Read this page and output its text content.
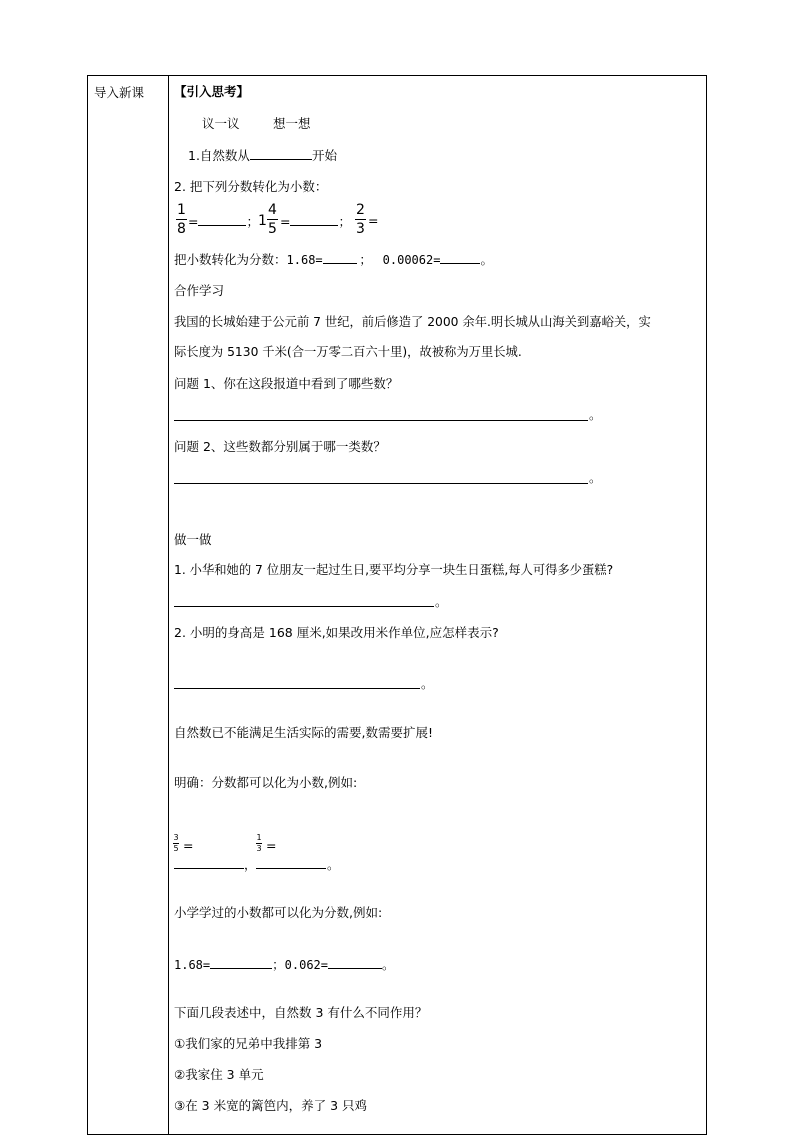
导入新课 【引入思考】
议一议	想一想
1.自然数从	开始
2. 把下列分数转化为小数：
1
8 =	； 1
4
5 =	；
2
3
=
把小数转化为分数：1.68=	； 0.00062=	。
合作学习
我国的长城始建于公元前 7 世纪，前后修造了 2000 余年.明长城从山海关到嘉峪关，实
际长度为 5130 千米(合一万零二百六十里)，故被称为万里长城.
问题 1、你在这段报道中看到了哪些数？
。
问题 2、这些数都分别属于哪一类数？
。
做一做
1. 小华和她的 7 位朋友一起过生日,要平均分享一块生日蛋糕,每人可得多少蛋糕?
。
2. 小明的身高是 168 厘米,如果改用米作单位,应怎样表示?
。
自然数已不能满足生活实际的需要,数需要扩展!
明确：分数都可以化为小数,例如:
3
5 =
，
1
3 =
。
小学学过的小数都可以化为分数,例如:
1.68=	；0.062=	。
下面几段表述中，自然数 3 有什么不同作用？
①我们家的兄弟中我排第 3
②我家住 3 单元
③在 3 米宽的篱笆内，养了 3 只鸡
